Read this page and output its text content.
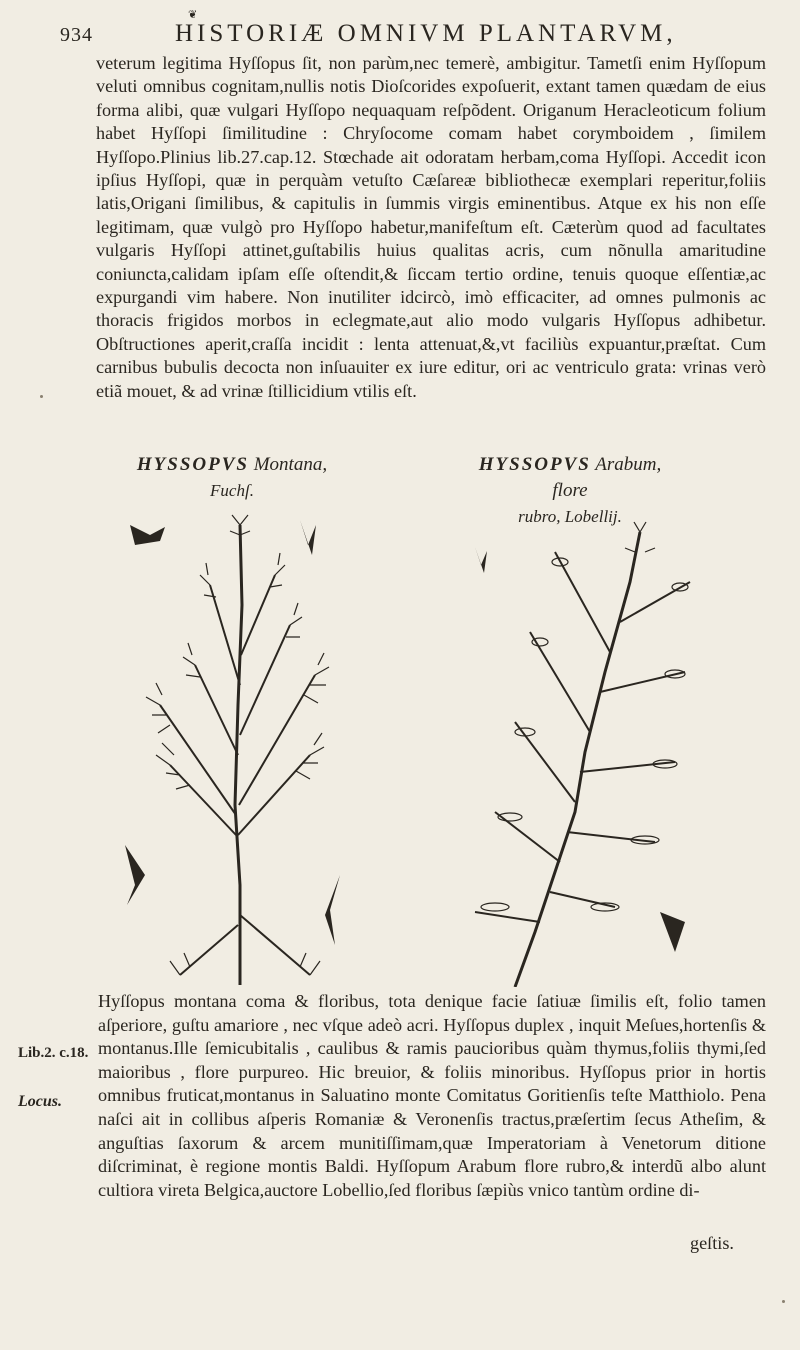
934
❦
HISTORIÆ OMNIVM PLANTARVM,

veterum legitima Hyſſopus ſit, non parùm,nec temerè, ambigitur. Tametſi enim Hyſſopum veluti omnibus cognitam,nullis notis Dioſcorides expoſuerit, extant tamen quædam de eius forma alibi, quæ vulgari Hyſſopo nequaquam reſpõdent. Origanum Heracleoticum folium habet Hyſſopi ſimilitudine : Chryſocome comam habet corymboidem , ſimilem Hyſſopo.Plinius lib.27.cap.12. Stœchade ait odoratam herbam,coma Hyſſopi. Accedit icon ipſius Hyſſopi, quæ in perquàm vetuſto Cæſareæ bibliothecæ exemplari reperitur,foliis latis,Origani ſimilibus, & capitulis in ſummis virgis eminentibus. Atque ex his non eſſe legitimam, quæ vulgò pro Hyſſopo habetur,manifeſtum eſt. Cæterùm quod ad facultates vulgaris Hyſſopi attinet,guſtabilis huius qualitas acris, cum nõnulla amaritudine coniuncta,calidam ipſam eſſe oſtendit,& ſiccam tertio ordine, tenuis quoque eſſentiæ,ac expurgandi vim habere. Non inutiliter idcircò, imò efficaciter, ad omnes pulmonis ac thoracis frigidos morbos in eclegmate,aut alio modo vulgaris Hyſſopus adhibetur. Obſtructiones aperit,craſſa incidit : lenta attenuat,&,vt faciliùs expuantur,præſtat. Cum carnibus bubulis decocta non inſuauiter ex iure editur, ori ac ventriculo grata: vrinas verò etiã mouet, & ad vrinæ ſtillicidium vtilis eſt.

HYSSOPVS Montana,
Fuchſ.
HYSSOPVS Arabum, flore
rubro, Lobellij.

Hyſſopus montana coma & floribus, tota denique facie ſatiuæ ſimilis eſt, folio tamen aſperiore, guſtu amariore , nec vſque adeò acri. Hyſſopus duplex , inquit Meſues,hortenſis & montanus.Ille ſemicubitalis , caulibus & ramis paucioribus quàm thymus,foliis thymi,ſed maioribus , flore purpureo. Hic breuior, & foliis minoribus. Hyſſopus prior in hortis omnibus fruticat,montanus in Saluatino monte Comitatus Goritienſis teſte Matthiolo. Pena naſci ait in collibus aſperis Romaniæ & Veronenſis tractus,præſertim ſecus Atheſim, & anguſtias ſaxorum & arcem munitiſſimam,quæ Imperatoriam à Venetorum ditione diſcriminat, è regione montis Baldi. Hyſſopum Arabum flore rubro,& interdũ albo alunt cultiora vireta Belgica,auctore Lobellio,ſed floribus ſæpiùs vnico tantùm ordine di-

geſtis.
Lib.2. c.18.
Locus.
